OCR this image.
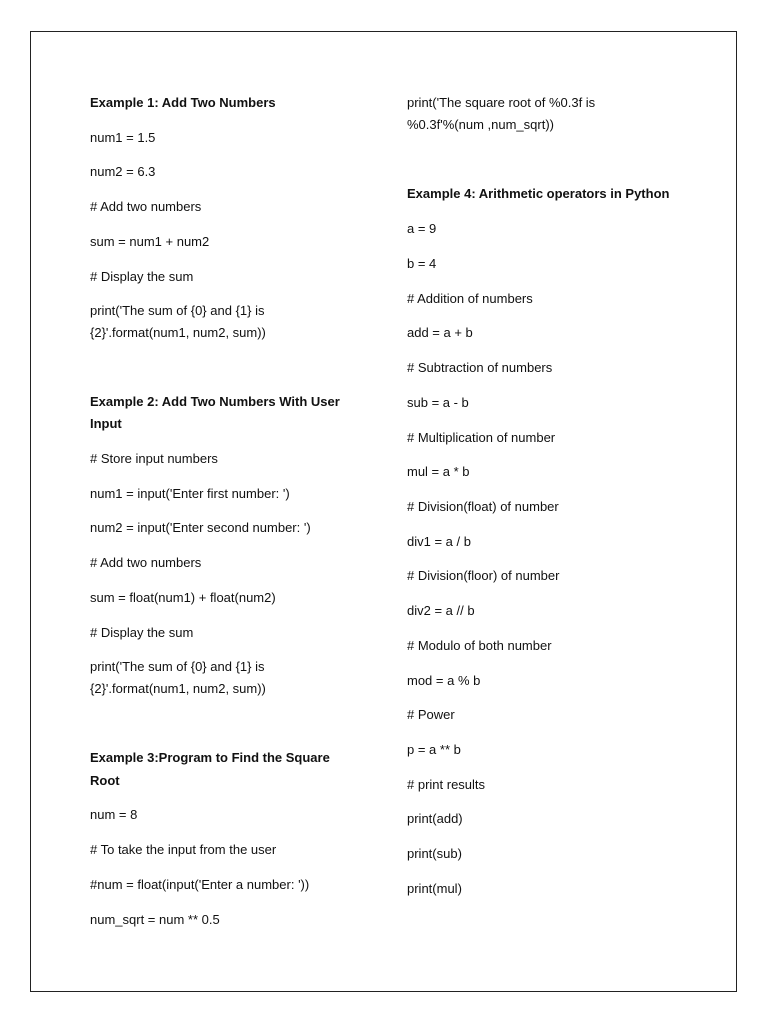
Example 1: Add Two Numbers
num1 = 1.5
num2 = 6.3
# Add two numbers
sum = num1 + num2
# Display the sum
print('The sum of {0} and {1} is
{2}'.format(num1, num2, sum))
Example 2: Add Two Numbers With User
Input
# Store input numbers
num1 = input('Enter first number: ')
num2 = input('Enter second number: ')
# Add two numbers
sum = float(num1) + float(num2)
# Display the sum
print('The sum of {0} and {1} is
{2}'.format(num1, num2, sum))
Example 3:Program to Find the Square
Root
num = 8
# To take the input from the user
#num = float(input('Enter a number: '))
num_sqrt = num ** 0.5
print('The square root of %0.3f is
%0.3f'%(num ,num_sqrt))
Example 4: Arithmetic operators in Python
a = 9
b = 4
# Addition of numbers
add = a + b
# Subtraction of numbers
sub = a - b
# Multiplication of number
mul = a * b
# Division(float) of number
div1 = a / b
# Division(floor) of number
div2 = a // b
# Modulo of both number
mod = a % b
# Power
p = a ** b
# print results
print(add)
print(sub)
print(mul)
